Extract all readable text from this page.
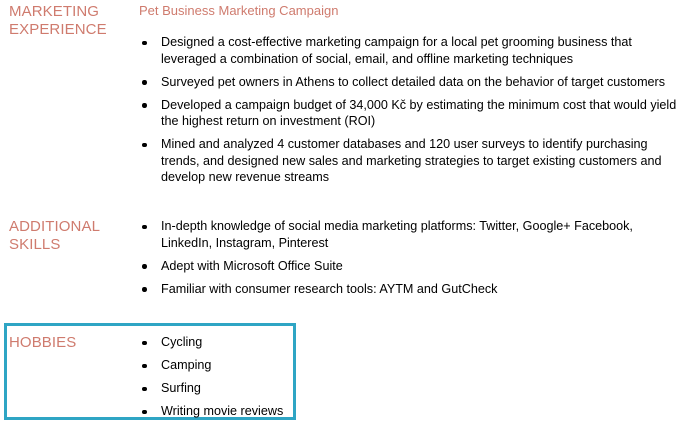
MARKETING
EXPERIENCE
Pet Business Marketing Campaign
Designed a cost-effective marketing campaign for a local pet grooming business that leveraged a combination of social, email, and offline marketing techniques
Surveyed pet owners in Athens to collect detailed data on the behavior of target customers
Developed a campaign budget of 34,000 Kč by estimating the minimum cost that would yield the highest return on investment (ROI)
Mined and analyzed 4 customer databases and 120 user surveys to identify purchasing trends, and designed new sales and marketing strategies to target existing customers and develop new revenue streams
ADDITIONAL
SKILLS
In-depth knowledge of social media marketing platforms: Twitter, Google+ Facebook, LinkedIn, Instagram, Pinterest
Adept with Microsoft Office Suite
Familiar with consumer research tools: AYTM and GutCheck
HOBBIES	Cycling
Camping
Surfing
Writing movie reviews
